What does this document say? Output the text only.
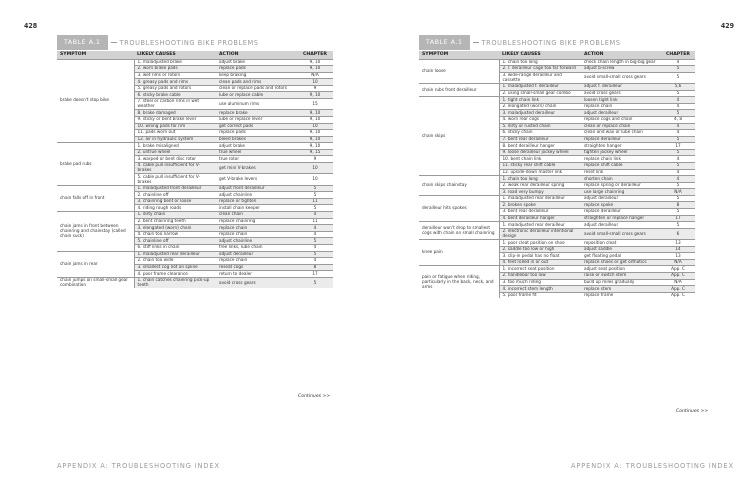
428
TABLE A.1	TROUBLESHOOTING BIKE PROBLEMS
SYMPTOM	LIKELY CAUSES	ACTION	CHAPTER
brake doesn't stop bike	1. maladjusted brake	adjust brake	9, 10
	2. worn brake pads	replace pads	9, 10
	3. wet rims or rotors	keep braking	N/A
	4. greasy pads and rims	clean pads and rims	10
	5. greasy pads and rotors	clean or replace pads and rotors	9
	6. sticky brake cable	lube or replace cable	9, 10
	7. steel or carbon rims in wet weather	use aluminum rims	15
	8. brake damaged	replace brake	9, 10
	9. sticky or bent brake lever	lube or replace lever	9, 10
	10. wrong pads for rim	get correct pads	10
	11. pads worn out	replace pads	9, 10
	12. air in hydraulic system	bleed brakes	9, 10
brake pad rubs	1. brake misaligned	adjust brake	9, 10
	2. untrue wheel	true wheel	9, 15
	3. warped or bent disc rotor	true rotor	9
	4. cable pull insufficient for V-brakes	get mini V-brakes	10
	5. cable pull insufficient for V-brakes	get V-brake levers	10
chain falls off in front	1. maladjusted front derailleur	adjust front derailleur	5
	2. chainline off	adjust chainline	5
	3. chainring bent or loose	replace or tighten	11
	4. riding rough roads	install chain keeper	5
chain jams in front between chainring and chainstay (called chain suck)	1. dirty chain	clean chain	4
	2. bent chainring teeth	replace chainring	11
	3. elongated (worn) chain	replace chain	4
	4. chain too narrow	replace chain	4
	5. chainline off	adjust chainline	5
	6. stiff links in chain	free links, lube chain	4
chain jams in rear	1. maladjusted rear derailleur	adjust derailleur	5
	2. chain too wide	replace chain	4
	3. smallest cog not on spline	reseat cogs	8
	4. poor frame clearance	return to dealer	17
chain jumps on small-small gear combination	1. chain catches chainring pick-up teeth	avoid cross gears	5
Continues >>
APPENDIX A: TROUBLESHOOTING INDEX
429
TABLE A.1	TROUBLESHOOTING BIKE PROBLEMS
SYMPTOM	LIKELY CAUSES	ACTION	CHAPTER
chain loose	1. chain too long	check chain length in big-big gear	4
	2. r. derailleur cage too far forward	adjust b-screw	5
	3. wide-range derailleur and cassette	avoid small-small cross gears	5
chain rubs front derailleur	1. maladjusted f. derailleur	adjust f. derailleur	5,6
	2. using small-small gear combo	avoid cross gears	5
chain skips	1. tight chain link	loosen tight link	4
	2. elongated (worn) chain	replace chain	4
	3. maladjusted derailleur	adjust derailleur	5
	4. worn rear cogs	replace cogs and chain	4, 8
	5. dirty or rusted chain	clean or replace chain	4
	6. sticky chain	clean and wax or lube chain	4
	7. bent rear derailleur	replace derailleur	5
	8. bent derailleur hanger	straighten hanger	17
	9. loose derailleur jockey wheel	tighten jockey wheel	5
	10. bent chain link	replace chain link	4
	11. sticky rear shift cable	replace shift cable	5
	12. upside-down master link	reset link	4
chain skips chainstay	1. chain too long	shorten chain	4
	2. weak rear derailleur spring	replace spring or derailleur	5
	3. road very bumpy	use large chainring	N/A
derailleur hits spokes	1. maladjusted rear derailleur	adjust derailleur	5
	2. broken spoke	replace spoke	8
	3. bent rear derailleur	replace derailleur	5
	4. bent derailleur hanger	straighten or replace hanger	17
derailleur won't drop to smallest cogs with chain on small chainring	1. maladjusted rear derailleur	adjust derailleur	5
	2. electronic derailleur intentional design	avoid small-small cross gears	6
knee pain	1. poor cleat position on shoe	reposition cleat	13
	2. saddle too low or high	adjust saddle	14
	3. clip-in pedal has no float	get floating pedal	13
	4. feet rolled in or out	replace shoes or get orthotics	N/A
pain or fatigue when riding, particularly in the back, neck, and arms	1. incorrect seat position	adjust seat position	App. C
	2. handlebar too low	raise or switch stem	App. C
	3. too much riding	build up miles gradually	N/A
	4. incorrect stem length	replace stem	App. C
	5. poor frame fit	replace frame	App. C
Continues >>
APPENDIX A: TROUBLESHOOTING INDEX
